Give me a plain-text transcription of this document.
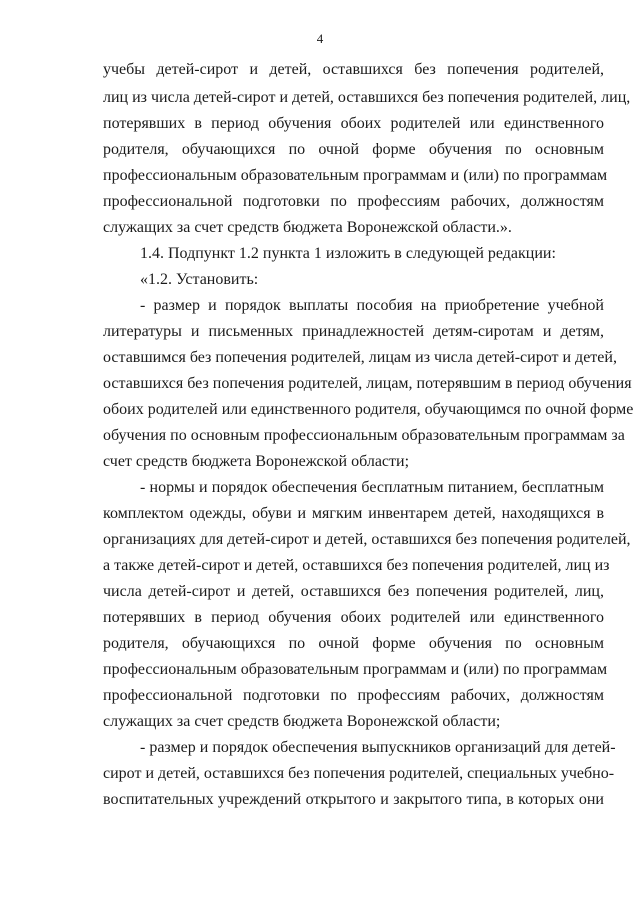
4
учебы детей-сирот и детей, оставшихся без попечения родителей,
лиц из числа детей-сирот и детей, оставшихся без попечения родителей, лиц,
потерявших в период обучения обоих родителей или единственного
родителя, обучающихся по очной форме обучения по основным
профессиональным образовательным программам и (или) по программам
профессиональной подготовки по профессиям рабочих, должностям
служащих за счет средств бюджета Воронежской области.».
1.4. Подпункт 1.2 пункта 1 изложить в следующей редакции:
«1.2. Установить:
- размер и порядок выплаты пособия на приобретение учебной
литературы и письменных принадлежностей детям-сиротам и детям,
оставшимся без попечения родителей, лицам из числа детей-сирот и детей,
оставшихся без попечения родителей, лицам, потерявшим в период обучения
обоих родителей или единственного родителя, обучающимся по очной форме
обучения по основным профессиональным образовательным программам за
счет средств бюджета Воронежской области;
- нормы и порядок обеспечения бесплатным питанием, бесплатным
комплектом одежды, обуви и мягким инвентарем детей, находящихся в
организациях для детей-сирот и детей, оставшихся без попечения родителей,
а также детей-сирот и детей, оставшихся без попечения родителей, лиц из
числа детей-сирот и детей, оставшихся без попечения родителей, лиц,
потерявших в период обучения обоих родителей или единственного
родителя, обучающихся по очной форме обучения по основным
профессиональным образовательным программам и (или) по программам
профессиональной подготовки по профессиям рабочих, должностям
служащих за счет средств бюджета Воронежской области;
- размер и порядок обеспечения выпускников организаций для детей-
сирот и детей, оставшихся без попечения родителей, специальных учебно-
воспитательных учреждений открытого и закрытого типа, в которых они
